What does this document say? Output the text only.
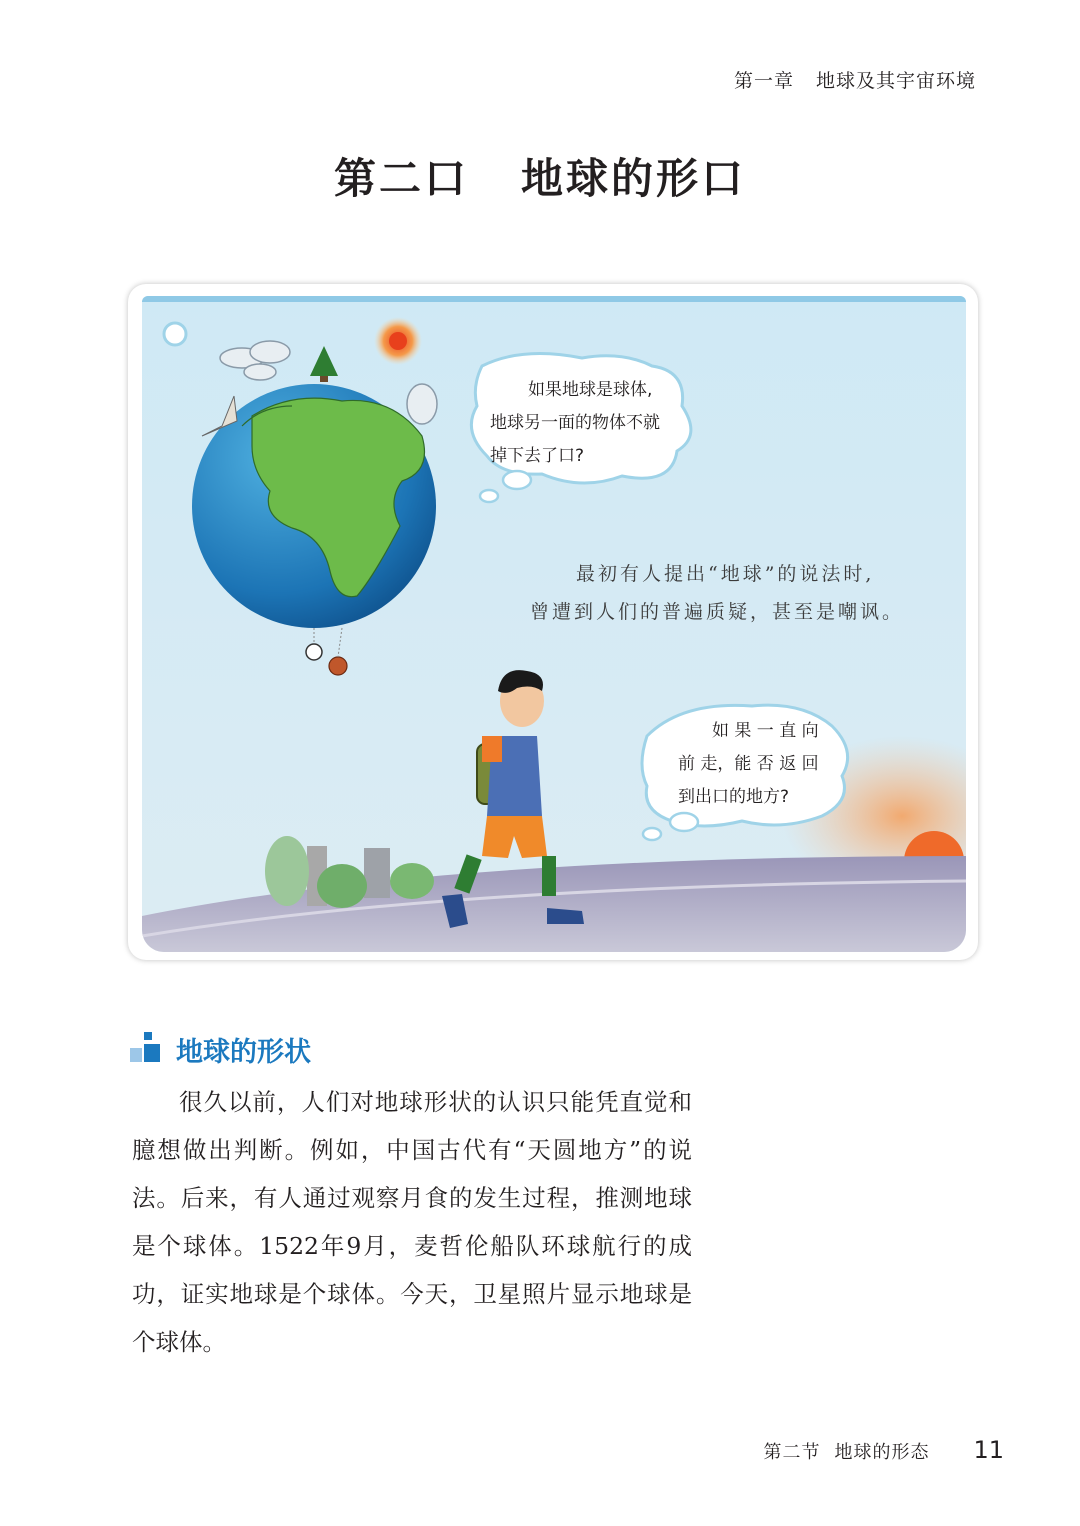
第一章 地球及其宇宙环境
第二口 地球的形口
如果地球是球体,
地球另一面的物体不就
掉下去了口?
最初有人提出“地球”的说法时,
曾遭到人们的普遍质疑，甚至是嘲讽。
如 果 一 直 向
前 走，能 否 返 回
到出口的地方?
地球的形状

很久以前，人们对地球形状的认识只能凭直觉和臆想做出判断。例如，中国古代有“天圆地方”的说法。后来，有人通过观察月食的发生过程，推测地球是个球体。1522年9月，麦哲伦船队环球航行的成功，证实地球是个球体。今天，卫星照片显示地球是个球体。

第二节 地球的形态 11
